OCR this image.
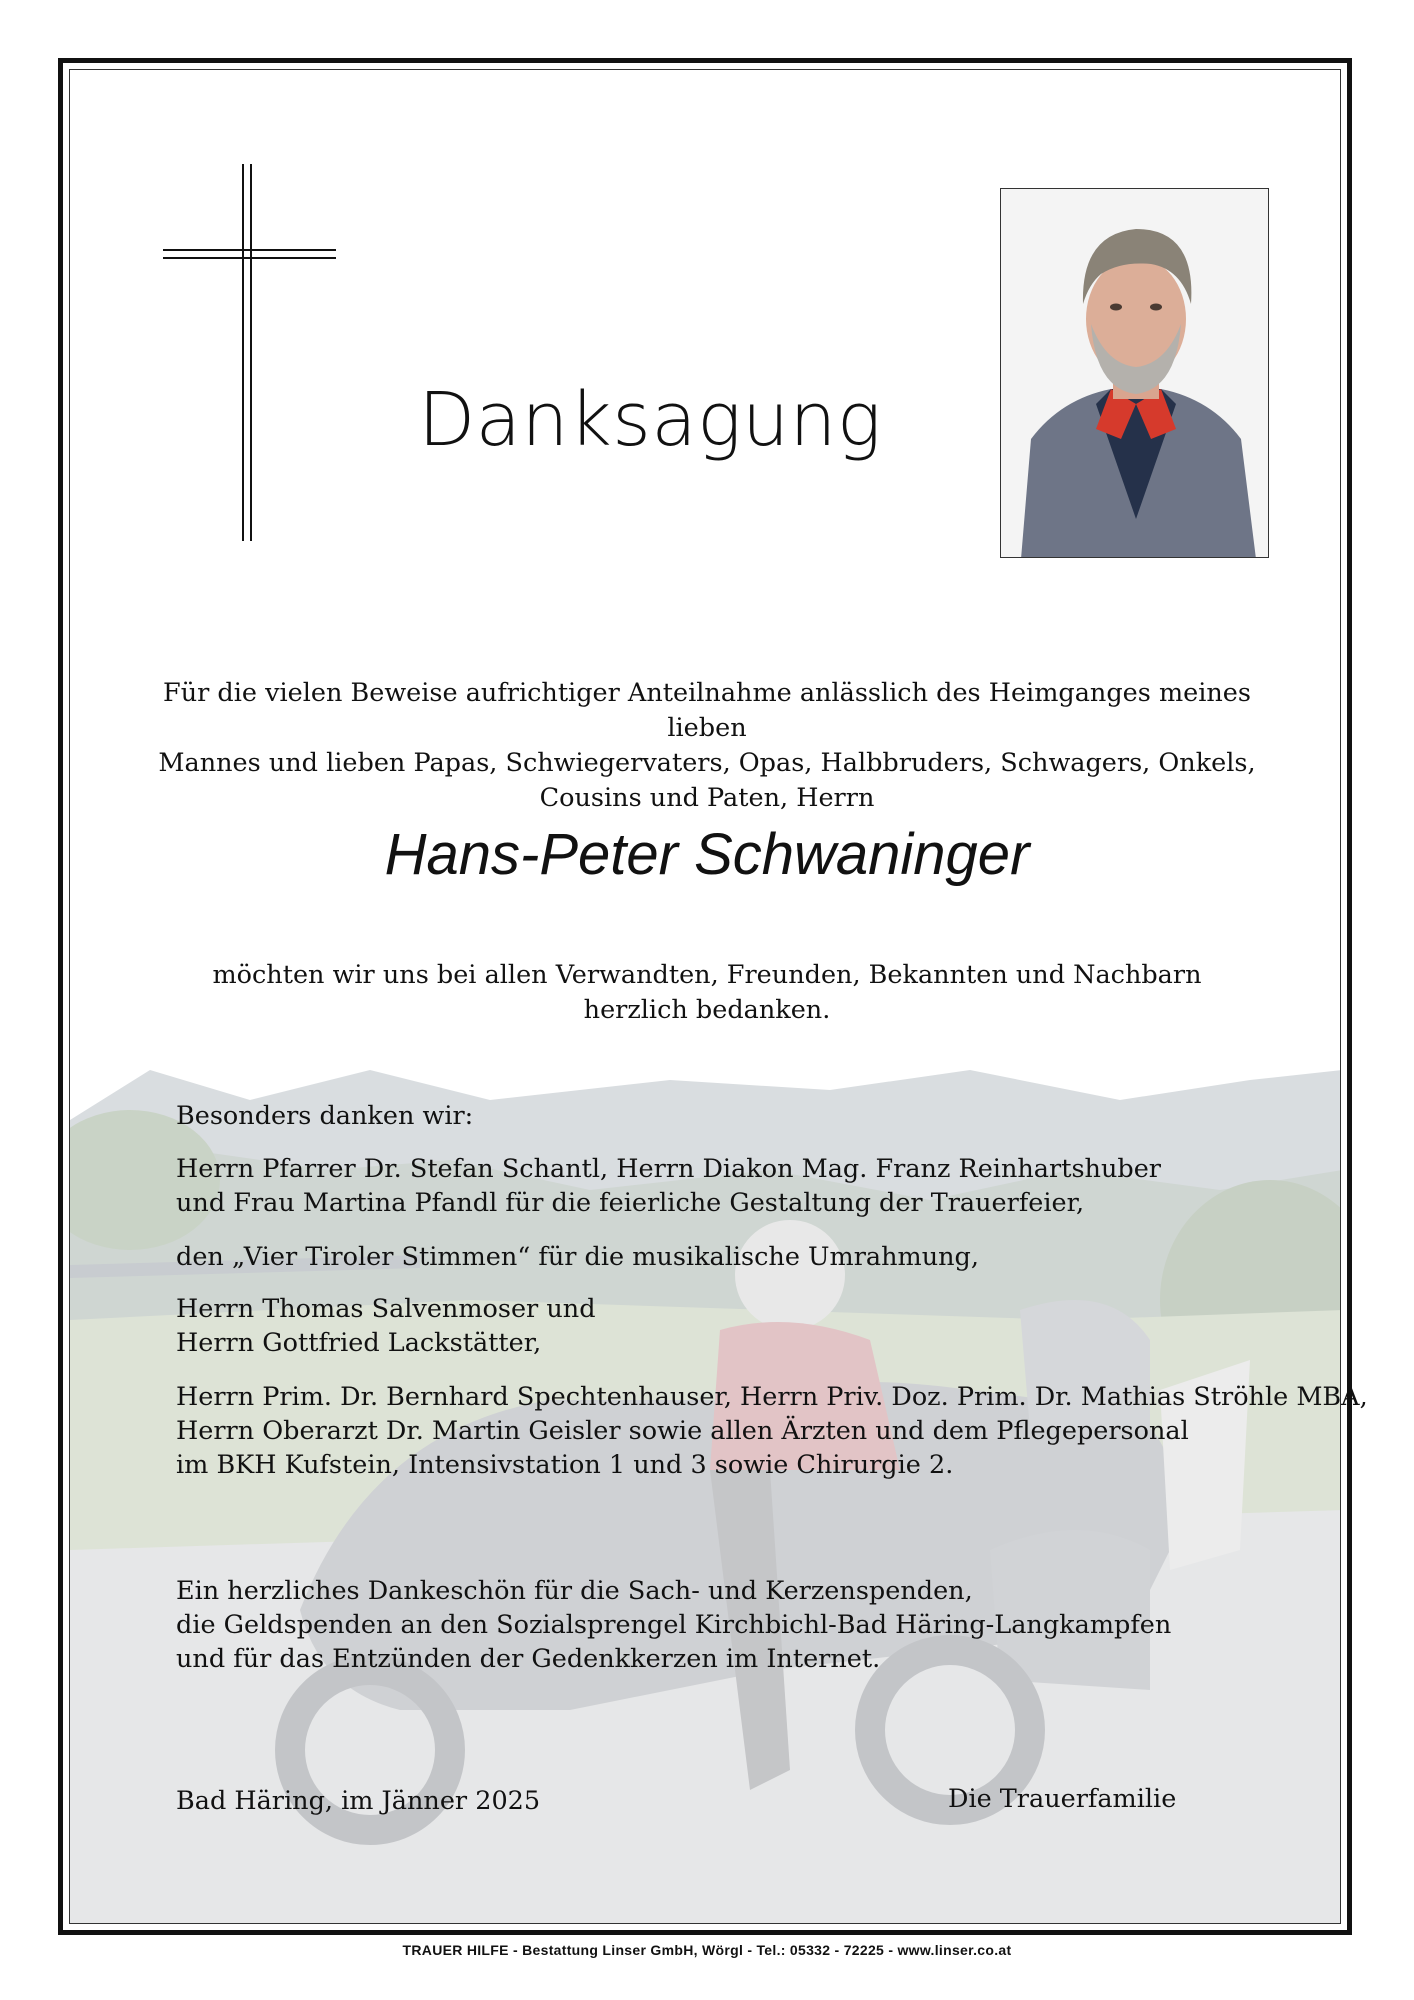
Danksagung
Für die vielen Beweise aufrichtiger Anteilnahme anlässlich des Heimganges meines lieben
Mannes und lieben Papas, Schwiegervaters, Opas, Halbbruders, Schwagers, Onkels,
Cousins und Paten, Herrn
Hans-Peter Schwaninger
möchten wir uns bei allen Verwandten, Freunden, Bekannten und Nachbarn
herzlich bedanken.
Besonders danken wir:
Herrn Pfarrer Dr. Stefan Schantl, Herrn Diakon Mag. Franz Reinhartshuber
und Frau Martina Pfandl für die feierliche Gestaltung der Trauerfeier,
den „Vier Tiroler Stimmen“ für die musikalische Umrahmung,
Herrn Thomas Salvenmoser und
Herrn Gottfried Lackstätter,
Herrn Prim. Dr. Bernhard Spechtenhauser, Herrn Priv. Doz. Prim. Dr. Mathias Ströhle MBA,
Herrn Oberarzt Dr. Martin Geisler sowie allen Ärzten und dem Pflegepersonal
im BKH Kufstein, Intensivstation 1 und 3 sowie Chirurgie 2.
Ein herzliches Dankeschön für die Sach- und Kerzenspenden,
die Geldspenden an den Sozialsprengel Kirchbichl-Bad Häring-Langkampfen
und für das Entzünden der Gedenkkerzen im Internet.
Bad Häring, im Jänner 2025	Die Trauerfamilie
TRAUER HILFE - Bestattung Linser GmbH, Wörgl - Tel.: 05332 - 72225 - www.linser.co.at
